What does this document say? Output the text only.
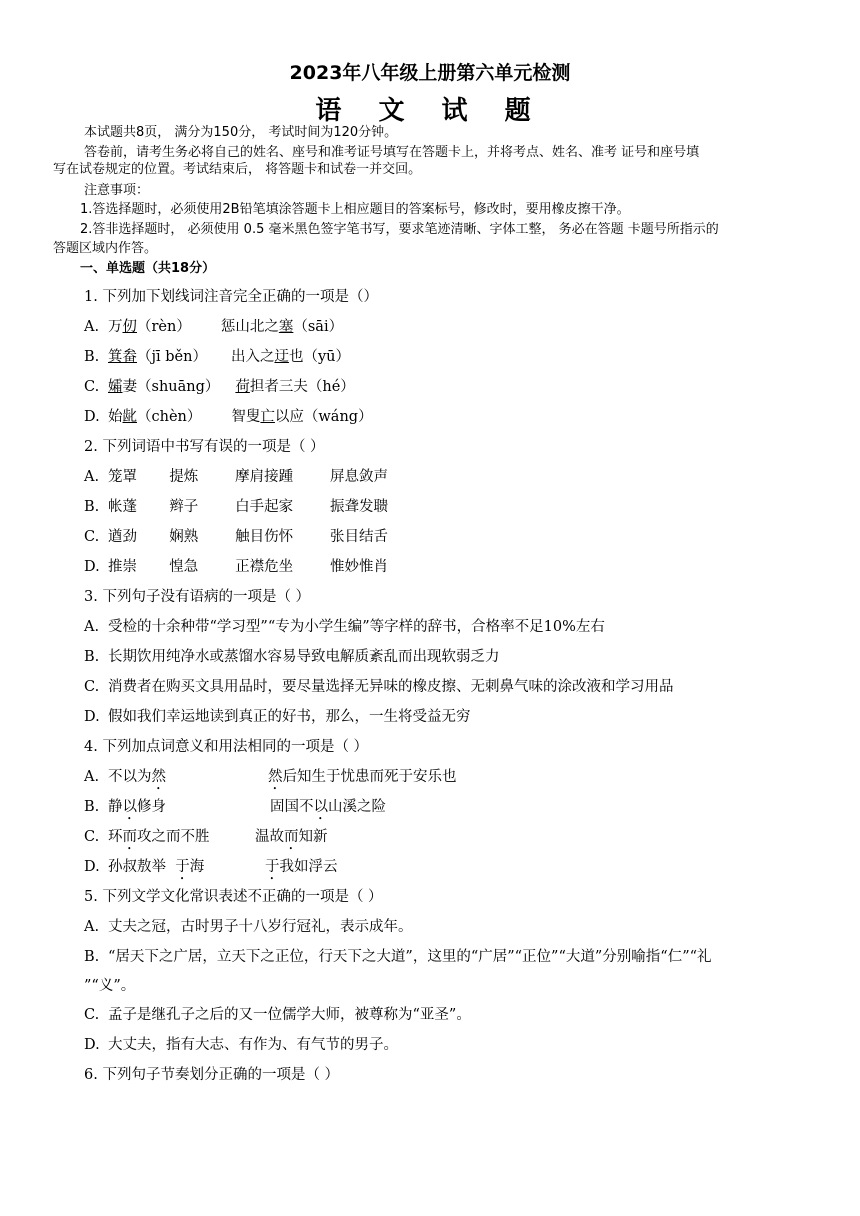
2023年八年级上册第六单元检测
语 文 试 题
本试题共8页， 满分为150分， 考试时间为120分钟。
答卷前，请考生务必将自己的姓名、座号和准考证号填写在答题卡上，并将考点、姓名、准考 证号和座号填
写在试卷规定的位置。考试结束后， 将答题卡和试卷一并交回。
注意事项：
1.答选择题时，必须使用2B铅笔填涂答题卡上相应题目的答案标号，修改时，要用橡皮擦干净。
2.答非选择题时， 必须使用 0.5 毫米黑色签字笔书写，要求笔迹清晰、字体工整， 务必在答题 卡题号所指示的
答题区域内作答。
一、单选题（共18分）
1. 下列加下划线词注音完全正确的一项是（）
A. 万仞（rèn） 惩山北之塞（sāi）
B. 箕畚（jī běn） 出入之迂也（yū）
C. 孀妻（shuāng） 荷担者三夫（hé）
D. 始龀（chèn） 智叟亡以应（wáng）
2. 下列词语中书写有误的一项是（ ）
A. 笼罩       提炼        摩肩接踵        屏息敛声
B. 帐蓬       辫子        白手起家        振聋发聩
C. 遒劲       娴熟        触目伤怀        张目结舌
D. 推崇       惶急        正襟危坐        惟妙惟肖
3. 下列句子没有语病的一项是（ ）
A. 受检的十余种带“学习型”“专为小学生编”等字样的辞书，合格率不足10%左右
B. 长期饮用纯净水或蒸馏水容易导致电解质紊乱而出现软弱乏力
C. 消费者在购买文具用品时，要尽量选择无异味的橡皮擦、无刺鼻气味的涂改液和学习用品
D. 假如我们幸运地读到真正的好书，那么，一生将受益无穷
4. 下列加点词意义和用法相同的一项是（ ）
A. 不以为然	然后知生于忧患而死于安乐也
B. 静以修身	固国不以山溪之险
C. 环而攻之而不胜	温故而知新
D. 孙叔敖举  于海	于我如浮云
5. 下列文学文化常识表述不正确的一项是（ ）
A. 丈夫之冠，古时男子十八岁行冠礼，表示成年。
B. “居天下之广居，立天下之正位，行天下之大道”，这里的“广居”“正位”“大道”分别喻指“仁”“礼
”“义”。
C. 孟子是继孔子之后的又一位儒学大师，被尊称为“亚圣”。
D. 大丈夫，指有大志、有作为、有气节的男子。
6. 下列句子节奏划分正确的一项是（ ）
